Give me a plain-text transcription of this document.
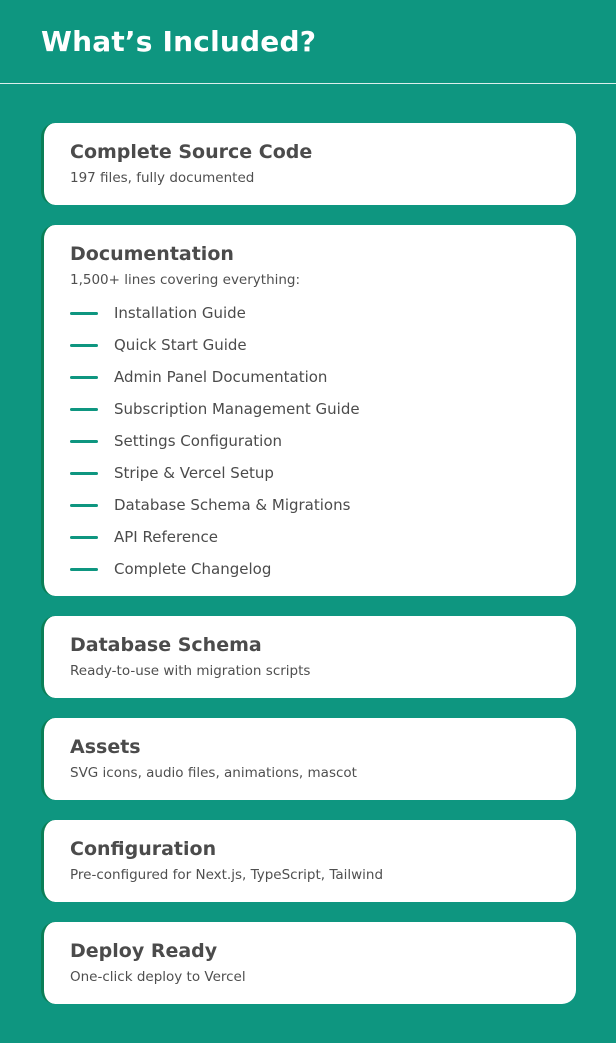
What’s Included?
Complete Source Code

197 files, fully documented

Documentation

1,500+ lines covering everything:

Installation Guide
Quick Start Guide
Admin Panel Documentation
Subscription Management Guide
Settings Configuration
Stripe & Vercel Setup
Database Schema & Migrations
API Reference
Complete Changelog
Database Schema

Ready-to-use with migration scripts

Assets

SVG icons, audio files, animations, mascot

Configuration

Pre-configured for Next.js, TypeScript, Tailwind

Deploy Ready

One-click deploy to Vercel
